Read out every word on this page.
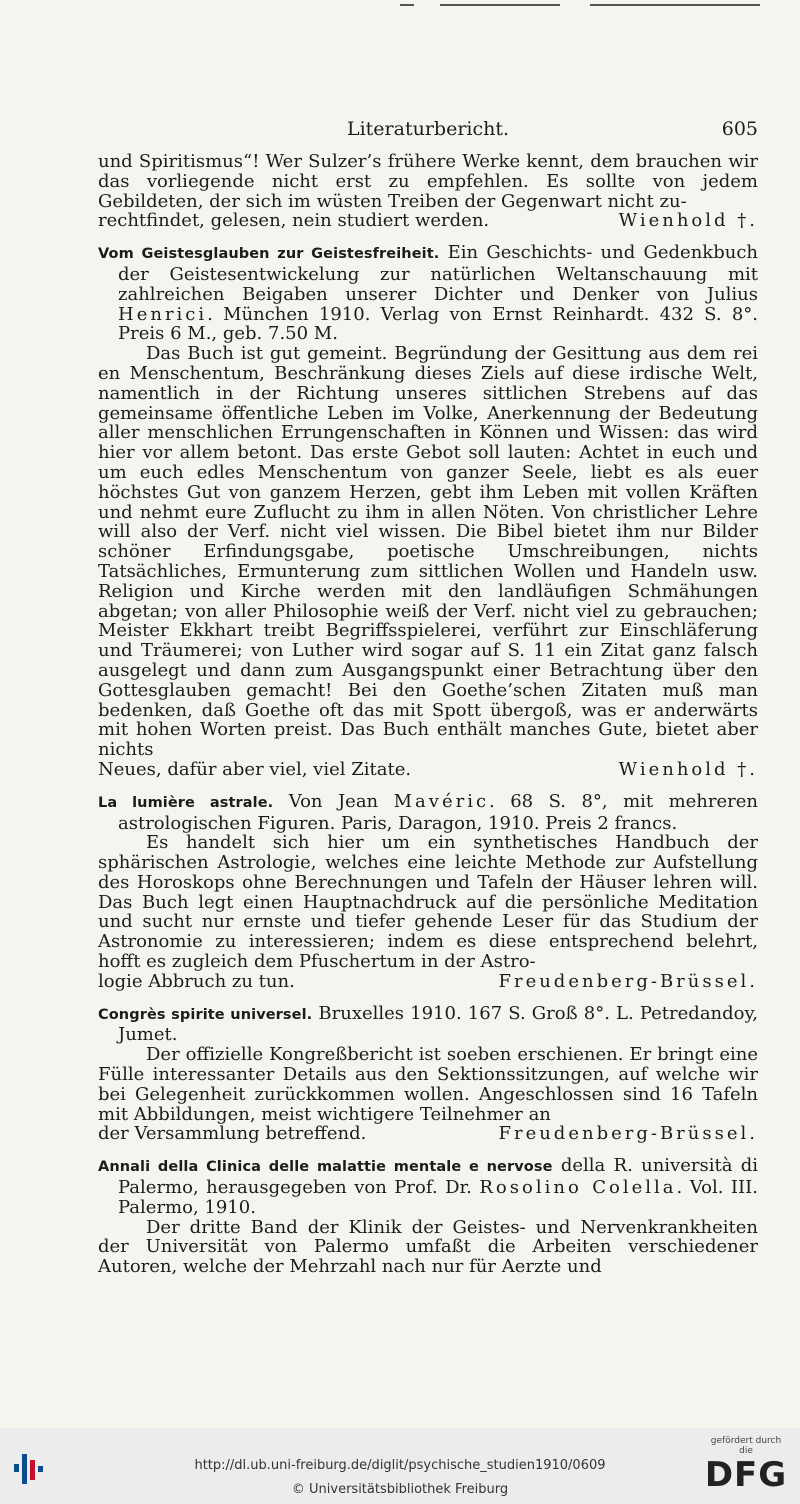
Literaturbericht.	605

und Spiritismus“! Wer Sulzer’s frühere Werke kennt, dem brauchen wir das vorliegende nicht erst zu empfehlen. Es sollte von jedem Gebildeten, der sich im wüsten Treiben der Gegenwart nicht zu-

rechtfindet, gelesen, nein studiert werden.	Wienhold †.

Vom Geistesglauben zur Geistesfreiheit. Ein Geschichts- und Gedenkbuch der Geistesentwickelung zur natürlichen Weltanschauung mit zahlreichen Beigaben unserer Dichter und Denker von Julius Henrici. München 1910. Verlag von Ernst Reinhardt. 432 S. 8°. Preis 6 M., geb. 7.50 M.

Das Buch ist gut gemeint. Begründung der Gesittung aus dem rei en Menschentum, Beschränkung dieses Ziels auf diese irdische Welt, namentlich in der Richtung unseres sittlichen Strebens auf das gemeinsame öffentliche Leben im Volke, Anerkennung der Bedeutung aller menschlichen Errungenschaften in Können und Wissen: das wird hier vor allem betont. Das erste Gebot soll lauten: Achtet in euch und um euch edles Menschentum von ganzer Seele, liebt es als euer höchstes Gut von ganzem Herzen, gebt ihm Leben mit vollen Kräften und nehmt eure Zuflucht zu ihm in allen Nöten. Von christlicher Lehre will also der Verf. nicht viel wissen. Die Bibel bietet ihm nur Bilder schöner Erfindungsgabe, poetische Umschreibungen, nichts Tatsächliches, Ermunterung zum sittlichen Wollen und Handeln usw. Religion und Kirche werden mit den landläufigen Schmähungen abgetan; von aller Philosophie weiß der Verf. nicht viel zu gebrauchen; Meister Ekkhart treibt Begriffsspielerei, verführt zur Einschläferung und Träumerei; von Luther wird sogar auf S. 11 ein Zitat ganz falsch ausgelegt und dann zum Ausgangspunkt einer Betrachtung über den Gottesglauben gemacht! Bei den Goethe’schen Zitaten muß man bedenken, daß Goethe oft das mit Spott übergoß, was er anderwärts mit hohen Worten preist. Das Buch enthält manches Gute, bietet aber nichts

Neues, dafür aber viel, viel Zitate.	Wienhold †.

La lumière astrale. Von Jean Mavéric. 68 S. 8°, mit mehreren astrologischen Figuren. Paris, Daragon, 1910. Preis 2 francs.

Es handelt sich hier um ein synthetisches Handbuch der sphärischen Astrologie, welches eine leichte Methode zur Aufstellung des Horoskops ohne Berechnungen und Tafeln der Häuser lehren will. Das Buch legt einen Hauptnachdruck auf die persönliche Meditation und sucht nur ernste und tiefer gehende Leser für das Studium der Astronomie zu interessieren; indem es diese entsprechend belehrt, hofft es zugleich dem Pfuschertum in der Astro-

logie Abbruch zu tun.	Freudenberg-Brüssel.

Congrès spirite universel. Bruxelles 1910. 167 S. Groß 8°. L. Petredandoy, Jumet.

Der offizielle Kongreßbericht ist soeben erschienen. Er bringt eine Fülle interessanter Details aus den Sektionssitzungen, auf welche wir bei Gelegenheit zurückkommen wollen. Angeschlossen sind 16 Tafeln mit Abbildungen, meist wichtigere Teilnehmer an

der Versammlung betreffend.	Freudenberg-Brüssel.

Annali della Clinica delle malattie mentale e nervose della R. università di Palermo, herausgegeben von Prof. Dr. Rosolino Colella. Vol. III. Palermo, 1910.

Der dritte Band der Klinik der Geistes- und Nervenkrankheiten der Universität von Palermo umfaßt die Arbeiten verschiedener Autoren, welche der Mehrzahl nach nur für Aerzte und

http://dl.ub.uni-freiburg.de/diglit/psychische_studien1910/0609
© Universitätsbibliothek Freiburg
gefördert durch die
DFG
